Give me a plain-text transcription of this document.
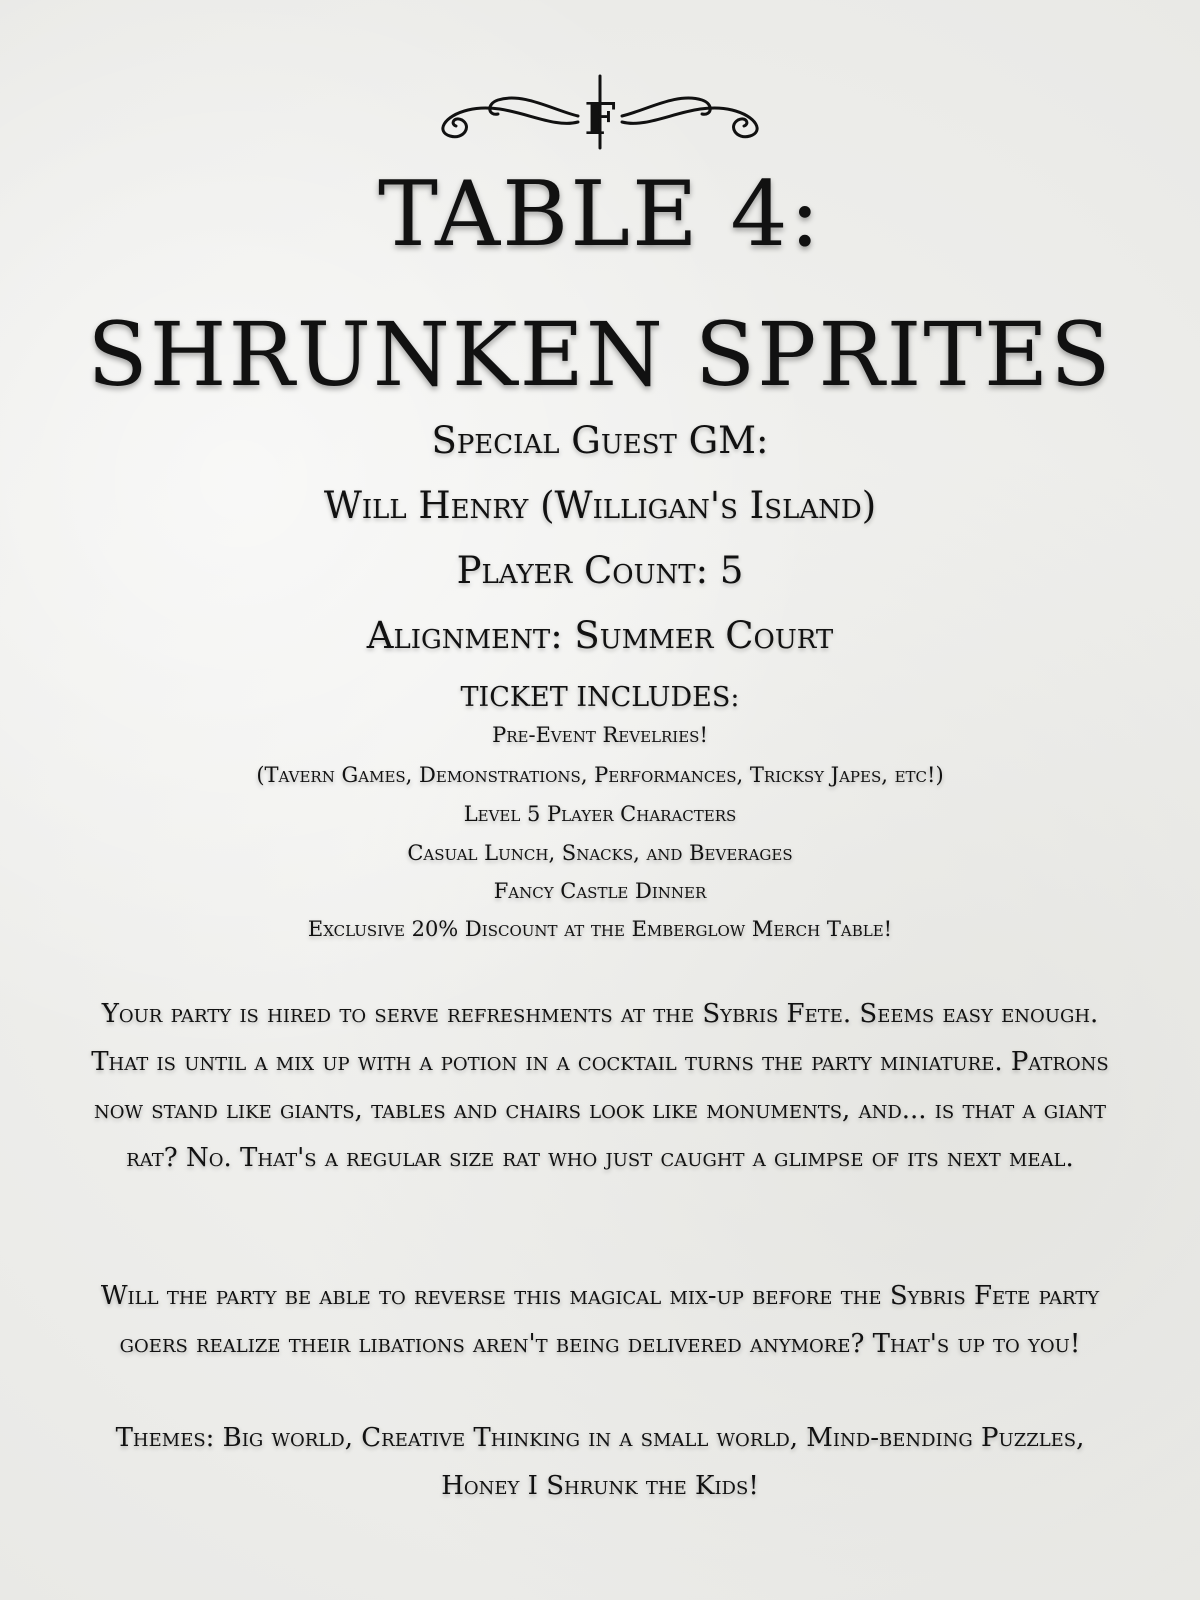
F
TABLE 4:
SHRUNKEN SPRITES
Special Guest GM:
Will Henry (Willigan's Island)
Player Count: 5
Alignment: Summer Court
TICKET INCLUDES:
Pre-Event Revelries!
(Tavern Games, Demonstrations, Performances, Tricksy Japes, etc!)
Level 5 Player Characters
Casual Lunch, Snacks, and Beverages
Fancy Castle Dinner
Exclusive 20% Discount at the Emberglow Merch Table!
Your party is hired to serve refreshments at the Sybris Fete. Seems easy enough. That is until a mix up with a potion in a cocktail turns the party miniature. Patrons now stand like giants, tables and chairs look like monuments, and... is that a giant rat? No. That's a regular size rat who just caught a glimpse of its next meal.
Will the party be able to reverse this magical mix-up before the Sybris Fete party goers realize their libations aren't being delivered anymore? That's up to you!
Themes: Big world, Creative Thinking in a small world, Mind-bending Puzzles, Honey I Shrunk the Kids!
